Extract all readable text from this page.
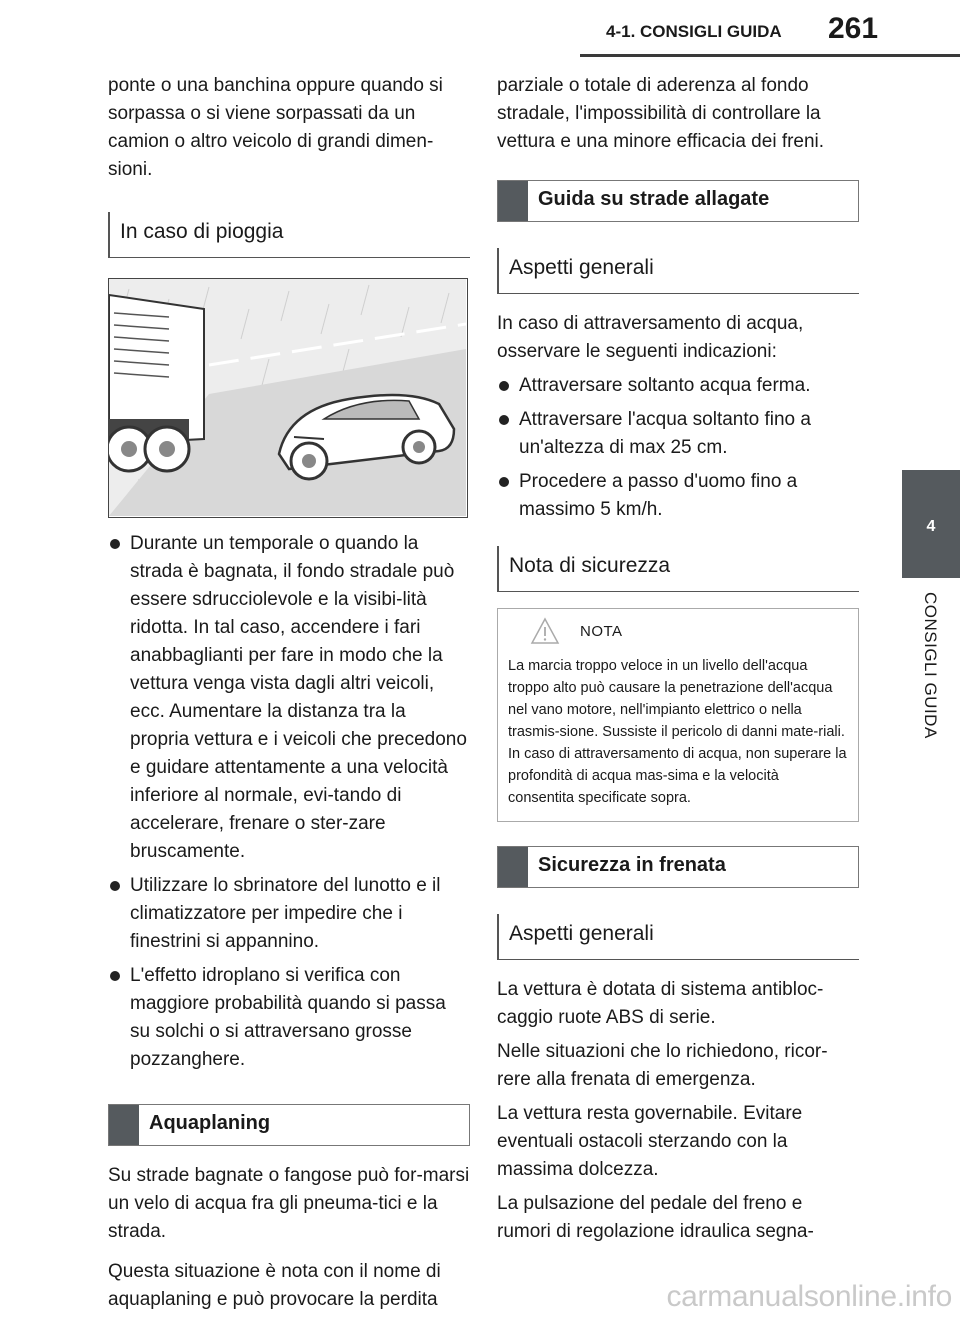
4-1. CONSIGLI GUIDA 261
4
CONSIGLI GUIDA

ponte o una banchina oppure quando si sorpassa o si viene sorpassati da un camion o altro veicolo di grandi dimen-sioni.

In caso di pioggia
Durante un temporale o quando la strada è bagnata, il fondo stradale può essere sdrucciolevole e la visibi-lità ridotta. In tal caso, accendere i fari anabbaglianti per fare in modo che la vettura venga vista dagli altri veicoli, ecc. Aumentare la distanza tra la propria vettura e i veicoli che precedono e guidare attentamente a una velocità inferiore al normale, evi-tando di accelerare, frenare o ster-zare bruscamente.
Utilizzare lo sbrinatore del lunotto e il climatizzatore per impedire che i finestrini si appannino.
L'effetto idroplano si verifica con maggiore probabilità quando si passa su solchi o si attraversano grosse pozzanghere.
Aquaplaning

Su strade bagnate o fangose può for-marsi un velo di acqua fra gli pneuma-tici e la strada.

Questa situazione è nota con il nome di aquaplaning e può provocare la perdita

parziale o totale di aderenza al fondo stradale, l'impossibilità di controllare la vettura e una minore efficacia dei freni.

Guida su strade allagate
Aspetti generali

In caso di attraversamento di acqua, osservare le seguenti indicazioni:

Attraversare soltanto acqua ferma.
Attraversare l'acqua soltanto fino a un'altezza di max 25 cm.
Procedere a passo d'uomo fino a massimo 5 km/h.
Nota di sicurezza
NOTA

La marcia troppo veloce in un livello dell'acqua troppo alto può causare la penetrazione dell'acqua nel vano motore, nell'impianto elettrico o nella trasmis-sione. Sussiste il pericolo di danni mate-riali. In caso di attraversamento di acqua, non superare la profondità di acqua mas-sima e la velocità consentita specificate sopra.

Sicurezza in frenata
Aspetti generali

La vettura è dotata di sistema antibloc-caggio ruote ABS di serie.

Nelle situazioni che lo richiedono, ricor-rere alla frenata di emergenza.

La vettura resta governabile. Evitare eventuali ostacoli sterzando con la massima dolcezza.

La pulsazione del pedale del freno e rumori di regolazione idraulica segna-

carmanualsonline.info
